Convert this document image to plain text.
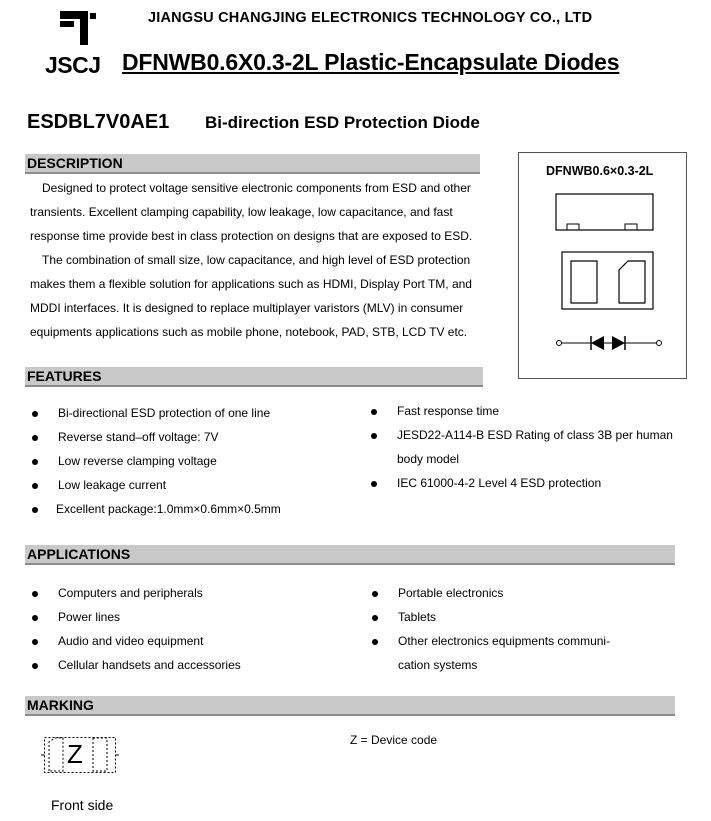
JSCJ
JIANGSU CHANGJING ELECTRONICS TECHNOLOGY CO., LTD
DFNWB0.6X0.3-2L Plastic-Encapsulate Diodes
ESDBL7V0AE1 Bi-direction ESD Protection Diode
DESCRIPTION

Designed to protect voltage sensitive electronic components from ESD and other

transients. Excellent clamping capability, low leakage, low capacitance, and fast

response time provide best in class protection on designs that are exposed to ESD.

The combination of small size, low capacitance, and high level of ESD protection

makes them a flexible solution for applications such as HDMI, Display Port TM, and

MDDI interfaces. It is designed to replace multiplayer varistors (MLV) in consumer

equipments applications such as mobile phone, notebook, PAD, STB, LCD TV etc.

DFNWB0.6×0.3-2L
FEATURES
Bi-directional ESD protection of one line
Reverse stand–off voltage: 7V
Low reverse clamping voltage
Low leakage current
Excellent package:1.0mm×0.6mm×0.5mm
Fast response time
JESD22-A114-B ESD Rating of class 3B per human
body model
IEC 61000-4-2 Level 4 ESD protection
APPLICATIONS
Computers and peripherals
Power lines
Audio and video equipment
Cellular handsets and accessories
Portable electronics
Tablets
Other electronics equipments communi-
cation systems
MARKING
Z	Z = Device code
Front side
